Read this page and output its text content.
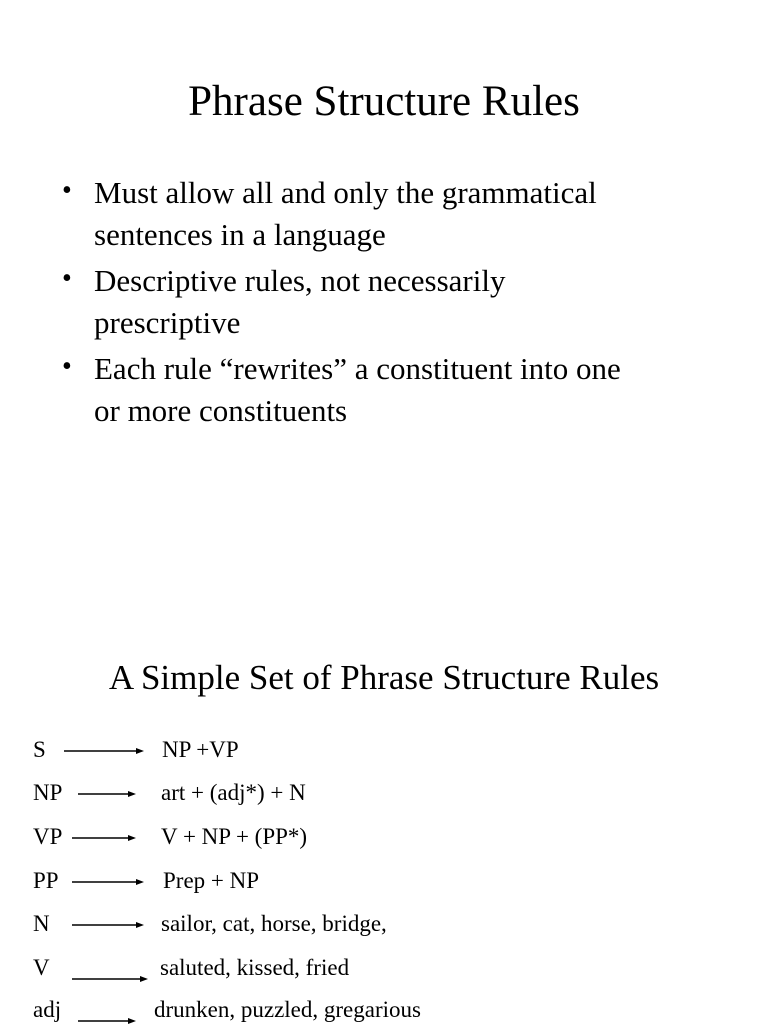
Phrase Structure Rules
• Must allow all and only the grammatical
sentences in a language
• Descriptive rules, not necessarily
prescriptive
• Each rule “rewrites” a constituent into one
or more constituents
A Simple Set of Phrase Structure Rules
S	NP +VP
NP	art + (adj*) + N
VP	V + NP + (PP*)
PP	Prep + NP
N	sailor, cat, horse, bridge,
V	saluted, kissed, fried
adj	drunken, puzzled, gregarious
